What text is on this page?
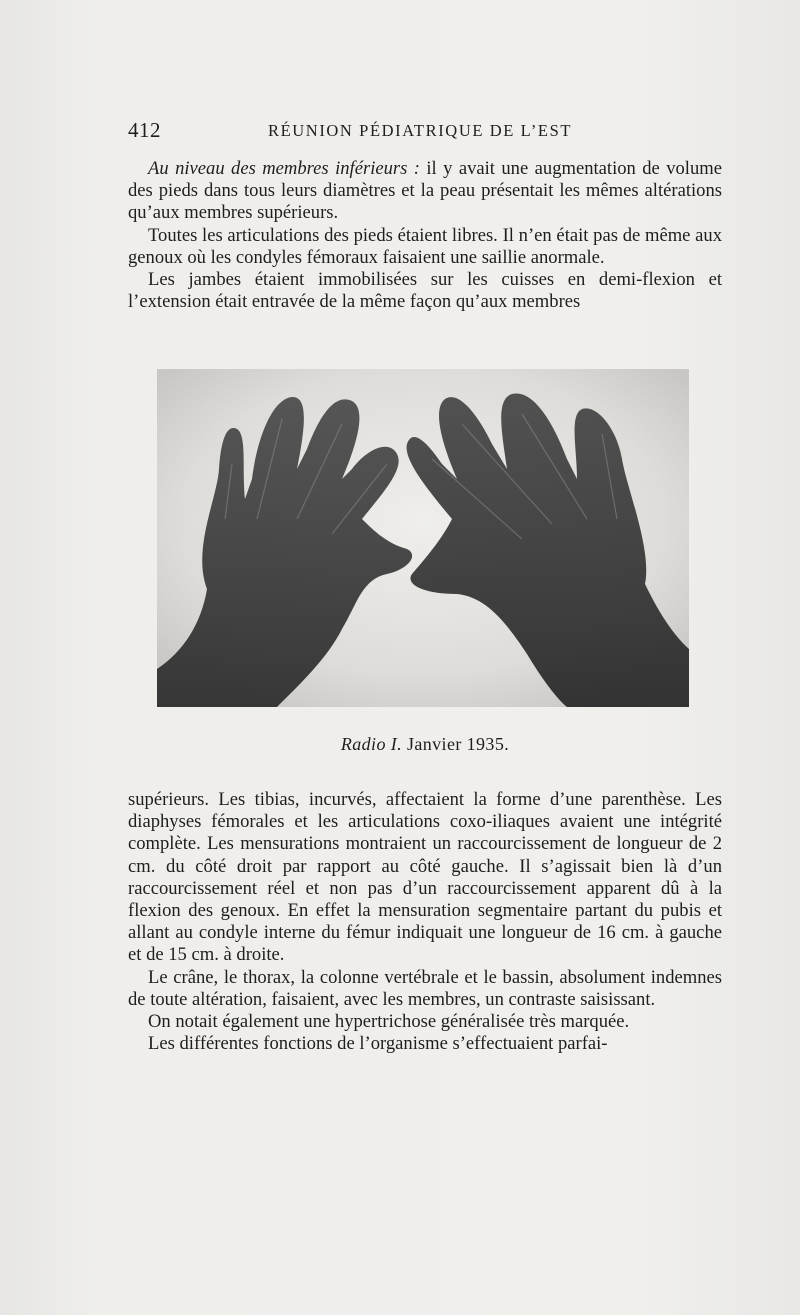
412	RÉUNION PÉDIATRIQUE DE L’EST

Au niveau des membres inférieurs : il y avait une augmentation de volume des pieds dans tous leurs diamètres et la peau présentait les mêmes altérations qu’aux membres supérieurs.

Toutes les articulations des pieds étaient libres. Il n’en était pas de même aux genoux où les condyles fémoraux faisaient une saillie anormale.

Les jambes étaient immobilisées sur les cuisses en demi-flexion et l’extension était entravée de la même façon qu’aux membres

Radio I. Janvier 1935.

supérieurs. Les tibias, incurvés, affectaient la forme d’une parenthèse. Les diaphyses fémorales et les articulations coxo-iliaques avaient une intégrité complète. Les mensurations montraient un raccourcissement de longueur de 2 cm. du côté droit par rapport au côté gauche. Il s’agissait bien là d’un raccourcissement réel et non pas d’un raccourcissement apparent dû à la flexion des genoux. En effet la mensuration segmentaire partant du pubis et allant au condyle interne du fémur indiquait une longueur de 16 cm. à gauche et de 15 cm. à droite.

Le crâne, le thorax, la colonne vertébrale et le bassin, absolument indemnes de toute altération, faisaient, avec les membres, un contraste saisissant.

On notait également une hypertrichose généralisée très marquée.

Les différentes fonctions de l’organisme s’effectuaient parfai-
